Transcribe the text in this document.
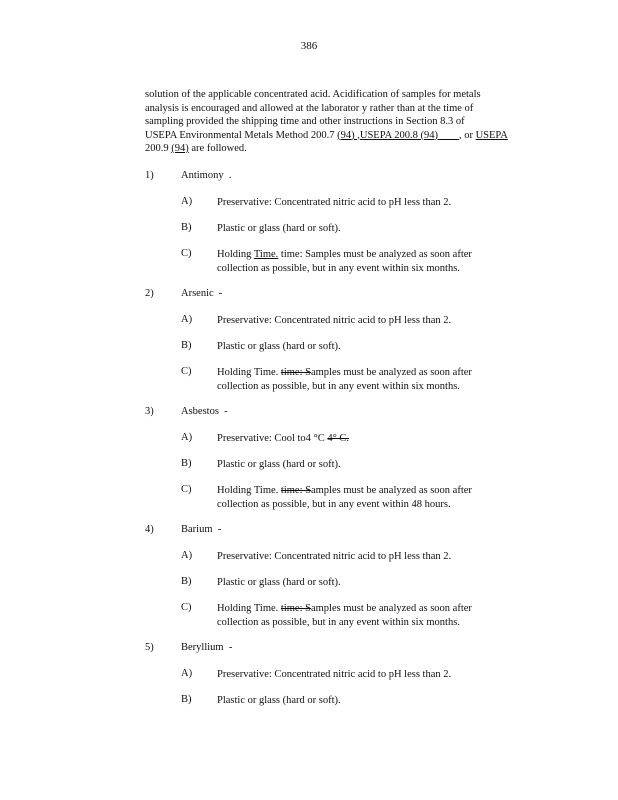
386
solution of the applicable concentrated acid. Acidification of samples for metals
analysis is encouraged and allowed at the laborator y rather than at the time of
sampling provided the shipping time and other instructions in Section 8.3 of
USEPA Environmental Metals Method 200.7 (94) ,USEPA 200.8 (94)____, or USEPA
200.9 (94) are followed.
1)	Antimony .
A) Preservative: Concentrated nitric acid to pH less than 2.
B) Plastic or glass (hard or soft).
C) Holding Time. time: Samples must be analyzed as soon after
collection as possible, but in any event within six months.
2)	Arsenic -
A) Preservative: Concentrated nitric acid to pH less than 2.
B) Plastic or glass (hard or soft).
C) Holding Time. time: Samples must be analyzed as soon after
collection as possible, but in any event within six months.
3)	Asbestos -
A) Preservative: Cool to4 °C 4° C.
B) Plastic or glass (hard or soft).
C) Holding Time. time: Samples must be analyzed as soon after
collection as possible, but in any event within 48 hours.
4)	Barium -
A) Preservative: Concentrated nitric acid to pH less than 2.
B) Plastic or glass (hard or soft).
C) Holding Time. time: Samples must be analyzed as soon after
collection as possible, but in any event within six months.
5)	Beryllium -
A) Preservative: Concentrated nitric acid to pH less than 2.
B) Plastic or glass (hard or soft).
